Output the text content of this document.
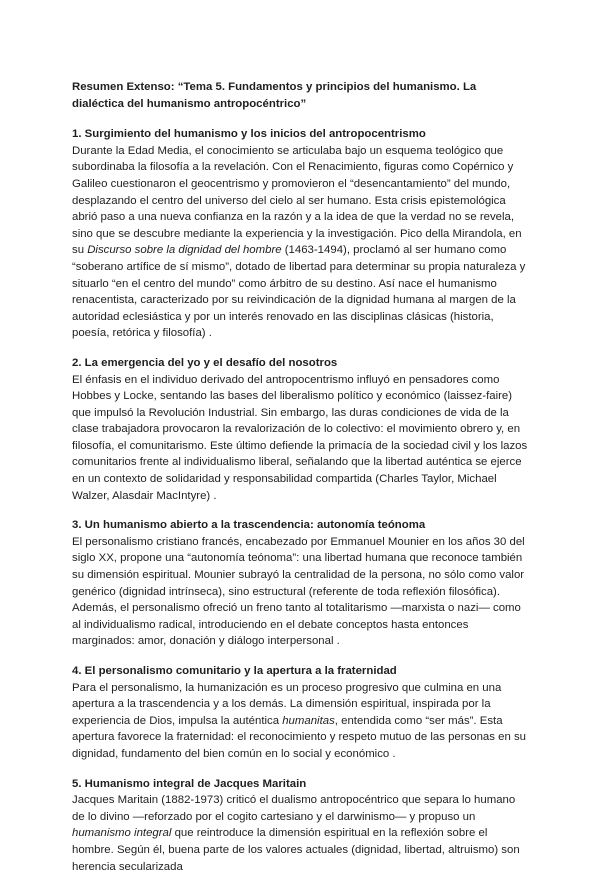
Resumen Extenso: “Tema 5. Fundamentos y principios del humanismo. La dialéctica del humanismo antropocéntrico”

1. Surgimiento del humanismo y los inicios del antropocentrismo

Durante la Edad Media, el conocimiento se articulaba bajo un esquema teológico que subordinaba la filosofía a la revelación. Con el Renacimiento, figuras como Copérnico y Galileo cuestionaron el geocentrismo y promovieron el “desencantamiento” del mundo, desplazando el centro del universo del cielo al ser humano. Esta crisis epistemológica abrió paso a una nueva confianza en la razón y a la idea de que la verdad no se revela, sino que se descubre mediante la experiencia y la investigación. Pico della Mirandola, en su Discurso sobre la dignidad del hombre (1463-1494), proclamó al ser humano como “soberano artífice de sí mismo”, dotado de libertad para determinar su propia naturaleza y situarlo “en el centro del mundo” como árbitro de su destino. Así nace el humanismo renacentista, caracterizado por su reivindicación de la dignidad humana al margen de la autoridad eclesiástica y por un interés renovado en las disciplinas clásicas (historia, poesía, retórica y filosofía) .

2. La emergencia del yo y el desafío del nosotros

El énfasis en el individuo derivado del antropocentrismo influyó en pensadores como Hobbes y Locke, sentando las bases del liberalismo político y económico (laissez-faire) que impulsó la Revolución Industrial. Sin embargo, las duras condiciones de vida de la clase trabajadora provocaron la revalorización de lo colectivo: el movimiento obrero y, en filosofía, el comunitarismo. Este último defiende la primacía de la sociedad civil y los lazos comunitarios frente al individualismo liberal, señalando que la libertad auténtica se ejerce en un contexto de solidaridad y responsabilidad compartida (Charles Taylor, Michael Walzer, Alasdair MacIntyre) .

3. Un humanismo abierto a la trascendencia: autonomía teónoma

El personalismo cristiano francés, encabezado por Emmanuel Mounier en los años 30 del siglo XX, propone una “autonomía teónoma”: una libertad humana que reconoce también su dimensión espiritual. Mounier subrayó la centralidad de la persona, no sólo como valor genérico (dignidad intrínseca), sino estructural (referente de toda reflexión filosófica). Además, el personalismo ofreció un freno tanto al totalitarismo —marxista o nazi— como al individualismo radical, introduciendo en el debate conceptos hasta entonces marginados: amor, donación y diálogo interpersonal .

4. El personalismo comunitario y la apertura a la fraternidad

Para el personalismo, la humanización es un proceso progresivo que culmina en una apertura a la trascendencia y a los demás. La dimensión espiritual, inspirada por la experiencia de Dios, impulsa la auténtica humanitas, entendida como “ser más”. Esta apertura favorece la fraternidad: el reconocimiento y respeto mutuo de las personas en su dignidad, fundamento del bien común en lo social y económico .

5. Humanismo integral de Jacques Maritain

Jacques Maritain (1882-1973) criticó el dualismo antropocéntrico que separa lo humano de lo divino —reforzado por el cogito cartesiano y el darwinismo— y propuso un humanismo integral que reintroduce la dimensión espiritual en la reflexión sobre el hombre. Según él, buena parte de los valores actuales (dignidad, libertad, altruismo) son herencia secularizada
